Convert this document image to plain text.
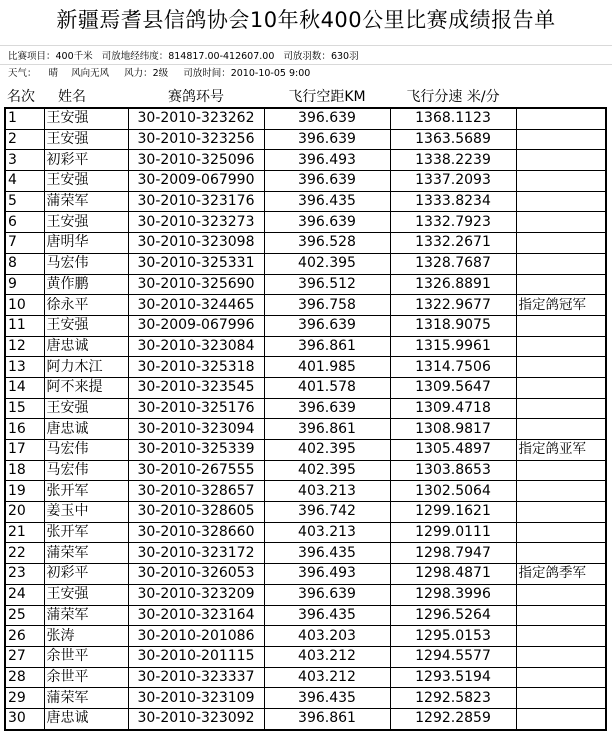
新疆焉耆县信鸽协会10年秋400公里比赛成绩报告单
比赛项目：400千米 司放地经纬度：814817.00-412607.00 司放羽数：630羽
天气： 晴 风向无风 风力：2级 司放时间：2010-10-05 9:00
名次	姓名	赛鸽环号	飞行空距KM	飞行分速 米/分	
1	王安强	30-2010-323262	396.639	1368.1123	
2	王安强	30-2010-323256	396.639	1363.5689	
3	初彩平	30-2010-325096	396.493	1338.2239	
4	王安强	30-2009-067990	396.639	1337.2093	
5	蒲荣军	30-2010-323176	396.435	1333.8234	
6	王安强	30-2010-323273	396.639	1332.7923	
7	唐明华	30-2010-323098	396.528	1332.2671	
8	马宏伟	30-2010-325331	402.395	1328.7687	
9	黄作鹏	30-2010-325690	396.512	1326.8891	
10	徐永平	30-2010-324465	396.758	1322.9677	指定鸽冠军
11	王安强	30-2009-067996	396.639	1318.9075	
12	唐忠诚	30-2010-323084	396.861	1315.9961	
13	阿力木江	30-2010-325318	401.985	1314.7506	
14	阿不来提	30-2010-323545	401.578	1309.5647	
15	王安强	30-2010-325176	396.639	1309.4718	
16	唐忠诚	30-2010-323094	396.861	1308.9817	
17	马宏伟	30-2010-325339	402.395	1305.4897	指定鸽亚军
18	马宏伟	30-2010-267555	402.395	1303.8653	
19	张开军	30-2010-328657	403.213	1302.5064	
20	姜玉中	30-2010-328605	396.742	1299.1621	
21	张开军	30-2010-328660	403.213	1299.0111	
22	蒲荣军	30-2010-323172	396.435	1298.7947	
23	初彩平	30-2010-326053	396.493	1298.4871	指定鸽季军
24	王安强	30-2010-323209	396.639	1298.3996	
25	蒲荣军	30-2010-323164	396.435	1296.5264	
26	张涛	30-2010-201086	403.203	1295.0153	
27	余世平	30-2010-201115	403.212	1294.5577	
28	余世平	30-2010-323337	403.212	1293.5194	
29	蒲荣军	30-2010-323109	396.435	1292.5823	
30	唐忠诚	30-2010-323092	396.861	1292.2859	
